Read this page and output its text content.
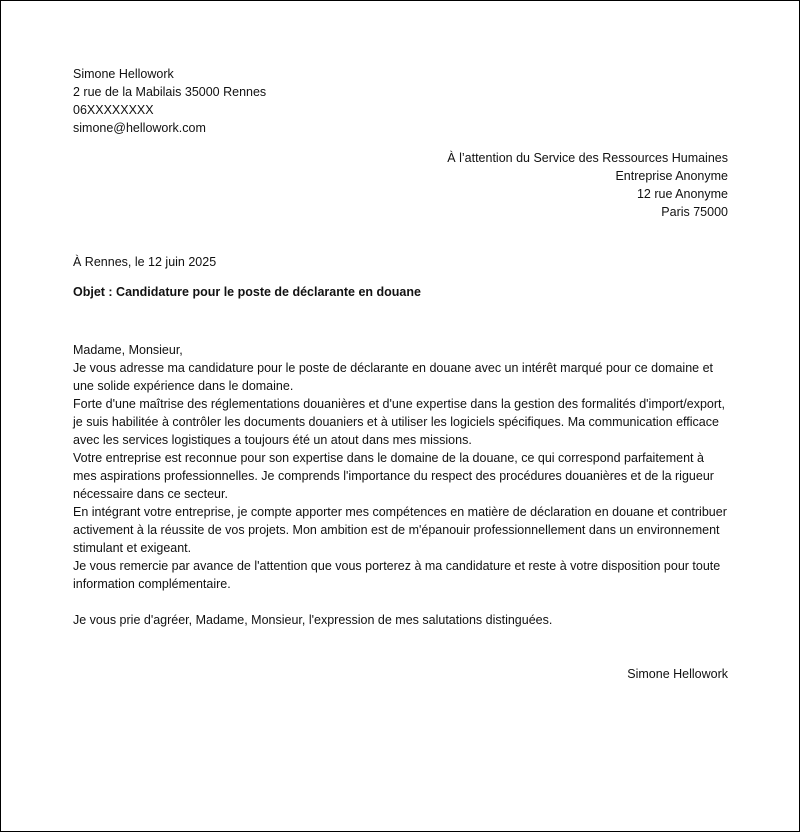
Simone Hellowork

2 rue de la Mabilais 35000 Rennes

06XXXXXXXX

simone@hellowork.com

À l’attention du Service des Ressources Humaines

Entreprise Anonyme

12 rue Anonyme

Paris 75000

À Rennes, le 12 juin 2025

Objet : Candidature pour le poste de déclarante en douane

Madame, Monsieur,

Je vous adresse ma candidature pour le poste de déclarante en douane avec un intérêt marqué pour ce domaine et une solide expérience dans le domaine.

Forte d'une maîtrise des réglementations douanières et d'une expertise dans la gestion des formalités d'import/export, je suis habilitée à contrôler les documents douaniers et à utiliser les logiciels spécifiques. Ma communication efficace avec les services logistiques a toujours été un atout dans mes missions.

Votre entreprise est reconnue pour son expertise dans le domaine de la douane, ce qui correspond parfaitement à mes aspirations professionnelles. Je comprends l'importance du respect des procédures douanières et de la rigueur nécessaire dans ce secteur.

En intégrant votre entreprise, je compte apporter mes compétences en matière de déclaration en douane et contribuer activement à la réussite de vos projets. Mon ambition est de m'épanouir professionnellement dans un environnement stimulant et exigeant.

Je vous remercie par avance de l'attention que vous porterez à ma candidature et reste à votre disposition pour toute information complémentaire.

Je vous prie d'agréer, Madame, Monsieur, l'expression de mes salutations distinguées.

Simone Hellowork
